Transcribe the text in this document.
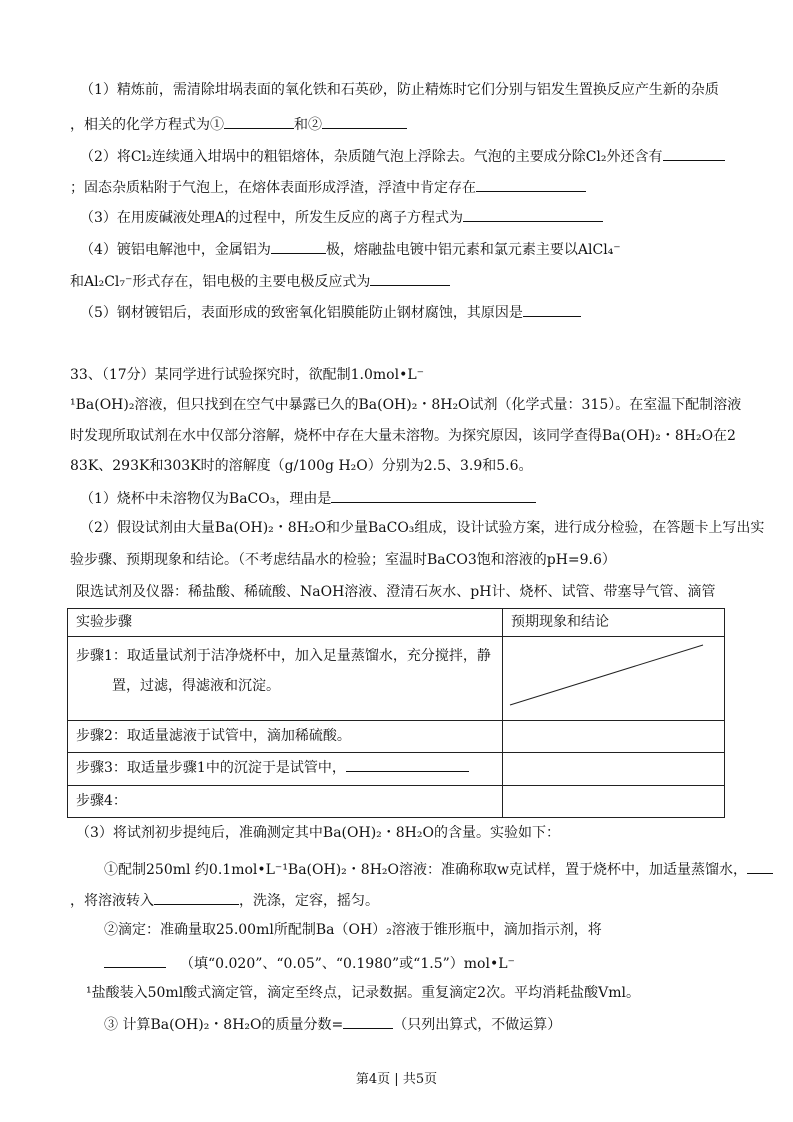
（1）精炼前，需清除坩埚表面的氧化铁和石英砂，防止精炼时它们分别与铝发生置换反应产生新的杂质
，相关的化学方程式为①	和②
（2）将Cl₂连续通入坩埚中的粗铝熔体，杂质随气泡上浮除去。气泡的主要成分除Cl₂外还含有
；固态杂质粘附于气泡上，在熔体表面形成浮渣，浮渣中肯定存在
（3）在用废碱液处理A的过程中，所发生反应的离子方程式为
（4）镀铝电解池中，金属铝为	极，熔融盐电镀中铝元素和氯元素主要以AlCl₄⁻
和Al₂Cl₇⁻形式存在，铝电极的主要电极反应式为
（5）钢材镀铝后，表面形成的致密氧化铝膜能防止钢材腐蚀，其原因是
33、（17分）某同学进行试验探究时，欲配制1.0mol•L⁻
¹Ba(OH)₂溶液，但只找到在空气中暴露已久的Ba(OH)₂・8H₂O试剂（化学式量：315）。在室温下配制溶液
时发现所取试剂在水中仅部分溶解，烧杯中存在大量未溶物。为探究原因，该同学查得Ba(OH)₂・8H₂O在2
83K、293K和303K时的溶解度（g/100g H₂O）分别为2.5、3.9和5.6。
（1）烧杯中未溶物仅为BaCO₃，理由是
（2）假设试剂由大量Ba(OH)₂・8H₂O和少量BaCO₃组成，设计试验方案，进行成分检验，在答题卡上写出实
验步骤、预期现象和结论。（不考虑结晶水的检验；室温时BaCO3饱和溶液的pH=9.6）
限选试剂及仪器：稀盐酸、稀硫酸、NaOH溶液、澄清石灰水、pH计、烧杯、试管、带塞导气管、滴管
实验步骤	预期现象和结论

步骤1：取适量试剂于洁净烧杯中，加入足量蒸馏水，充分搅拌，静
置，过滤，得滤液和沉淀。

步骤2：取适量滤液于试管中，滴加稀硫酸。	
步骤3：取适量步骤1中的沉淀于是试管中，	
步骤4：	
（3）将试剂初步提纯后，准确测定其中Ba(OH)₂・8H₂O的含量。实验如下：
①配制250ml 约0.1mol•L⁻¹Ba(OH)₂・8H₂O溶液：准确称取w克试样，置于烧杯中，加适量蒸馏水，
，将溶液转入	，洗涤，定容，摇匀。
②滴定：准确量取25.00ml所配制Ba（OH）₂溶液于锥形瓶中，滴加指示剂，将
（填“0.020”、“0.05”、“0.1980”或“1.5”）mol•L⁻
¹盐酸装入50ml酸式滴定管，滴定至终点，记录数据。重复滴定2次。平均消耗盐酸Vml。
③ 计算Ba(OH)₂・8H₂O的质量分数=	（只列出算式，不做运算）
第4页 | 共5页
